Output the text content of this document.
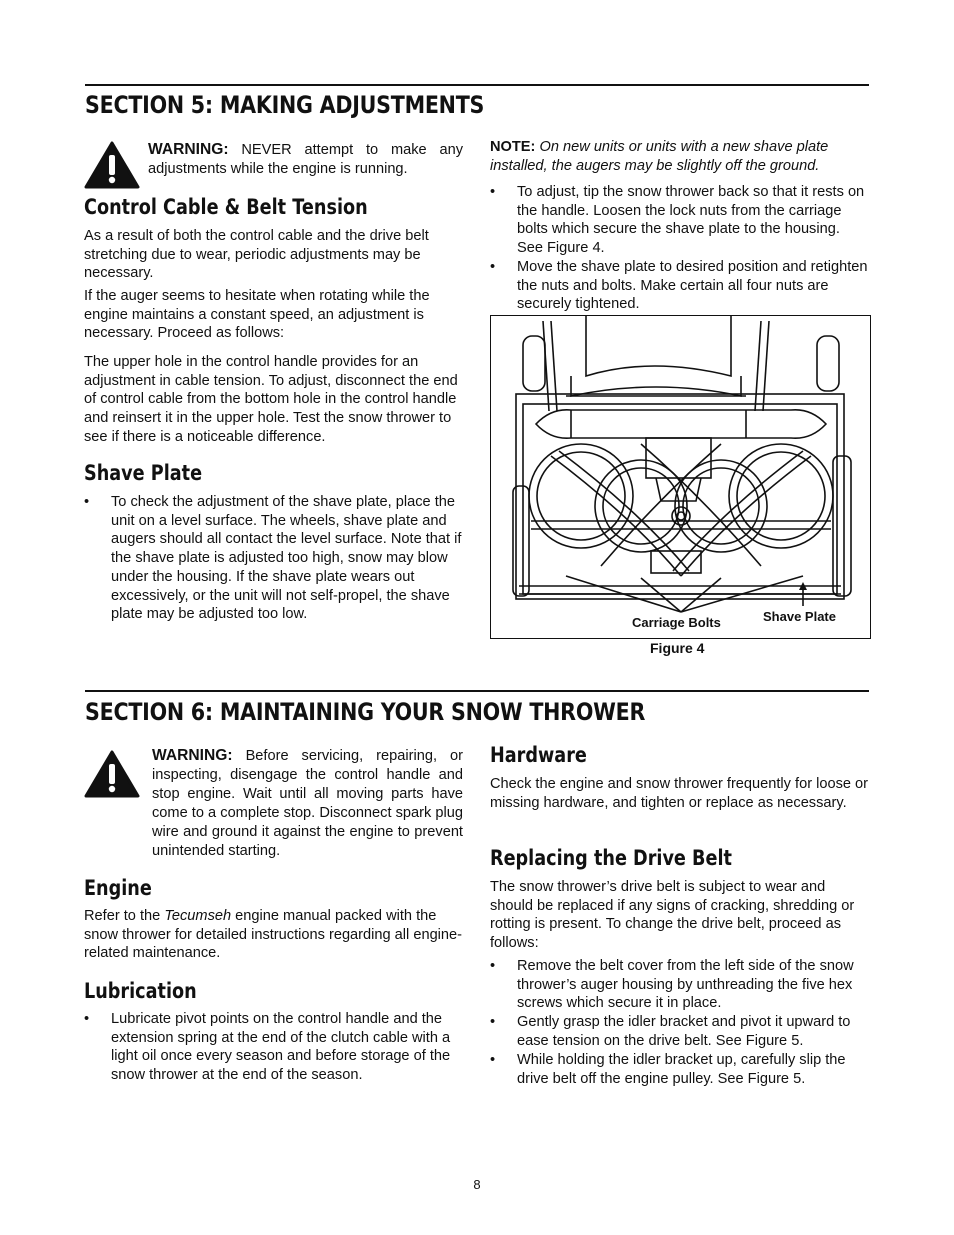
SECTION 5: MAKING ADJUSTMENTS

WARNING: NEVER attempt to make any adjustments while the engine is running.

Control Cable & Belt Tension

As a result of both the control cable and the drive belt stretching due to wear, periodic adjustments may be necessary.

If the auger seems to hesitate when rotating while the engine maintains a constant speed, an adjustment is necessary. Proceed as follows:

The upper hole in the control handle provides for an adjustment in cable tension. To adjust, disconnect the end of control cable from the bottom hole in the control handle and reinsert it in the upper hole. Test the snow thrower to see if there is a noticeable difference.

Shave Plate
• To check the adjustment of the shave plate, place the unit on a level surface. The wheels, shave plate and augers should all contact the level surface. Note that if the shave plate is adjusted too high, snow may blow under the housing. If the shave plate wears out excessively, or the unit will not self-propel, the shave plate may be adjusted too low.

NOTE: On new units or units with a new shave plate installed, the augers may be slightly off the ground.

• To adjust, tip the snow thrower back so that it rests on the handle. Loosen the lock nuts from the carriage bolts which secure the shave plate to the housing. See Figure 4.
• Move the shave plate to desired position and retighten the nuts and bolts. Make certain all four nuts are securely tightened.
Carriage Bolts	Shave Plate
Figure 4
SECTION 6: MAINTAINING YOUR SNOW THROWER

WARNING: Before servicing, repairing, or inspecting, disengage the control handle and stop engine. Wait until all moving parts have come to a complete stop. Disconnect spark plug wire and ground it against the engine to prevent unintended starting.

Engine

Refer to the Tecumseh engine manual packed with the snow thrower for detailed instructions regarding all engine-related maintenance.

Lubrication
• Lubricate pivot points on the control handle and the extension spring at the end of the clutch cable with a light oil once every season and before storage of the snow thrower at the end of the season.
Hardware

Check the engine and snow thrower frequently for loose or missing hardware, and tighten or replace as necessary.

Replacing the Drive Belt

The snow thrower’s drive belt is subject to wear and should be replaced if any signs of cracking, shredding or rotting is present. To change the drive belt, proceed as follows:

• Remove the belt cover from the left side of the snow thrower’s auger housing by unthreading the five hex screws which secure it in place.
• Gently grasp the idler bracket and pivot it upward to ease tension on the drive belt. See Figure 5.
• While holding the idler bracket up, carefully slip the drive belt off the engine pulley. See Figure 5.
8
